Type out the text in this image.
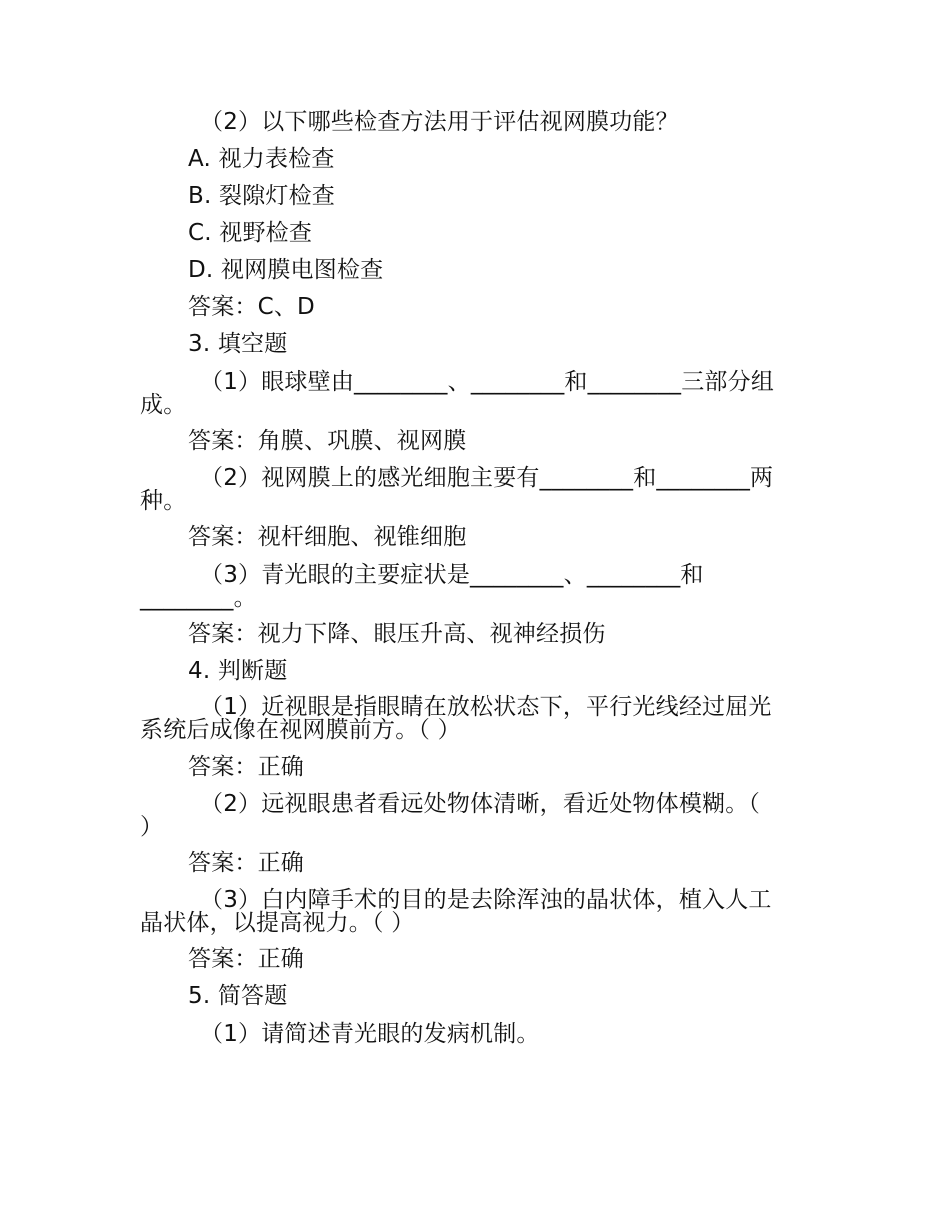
（2）以下哪些检查方法用于评估视网膜功能？
A. 视力表检查
B. 裂隙灯检查
C. 视野检查
D. 视网膜电图检查
答案：C、D
3. 填空题
（1）眼球壁由________、________和________三部分组
成。
答案：角膜、巩膜、视网膜
（2）视网膜上的感光细胞主要有________和________两
种。
答案：视杆细胞、视锥细胞
（3）青光眼的主要症状是________、________和
________。
答案：视力下降、眼压升高、视神经损伤
4. 判断题
（1）近视眼是指眼睛在放松状态下，平行光线经过屈光
系统后成像在视网膜前方。（ ）
答案：正确
（2）远视眼患者看远处物体清晰，看近处物体模糊。（
）
答案：正确
（3）白内障手术的目的是去除浑浊的晶状体，植入人工
晶状体，以提高视力。（ ）
答案：正确
5. 简答题
（1）请简述青光眼的发病机制。
